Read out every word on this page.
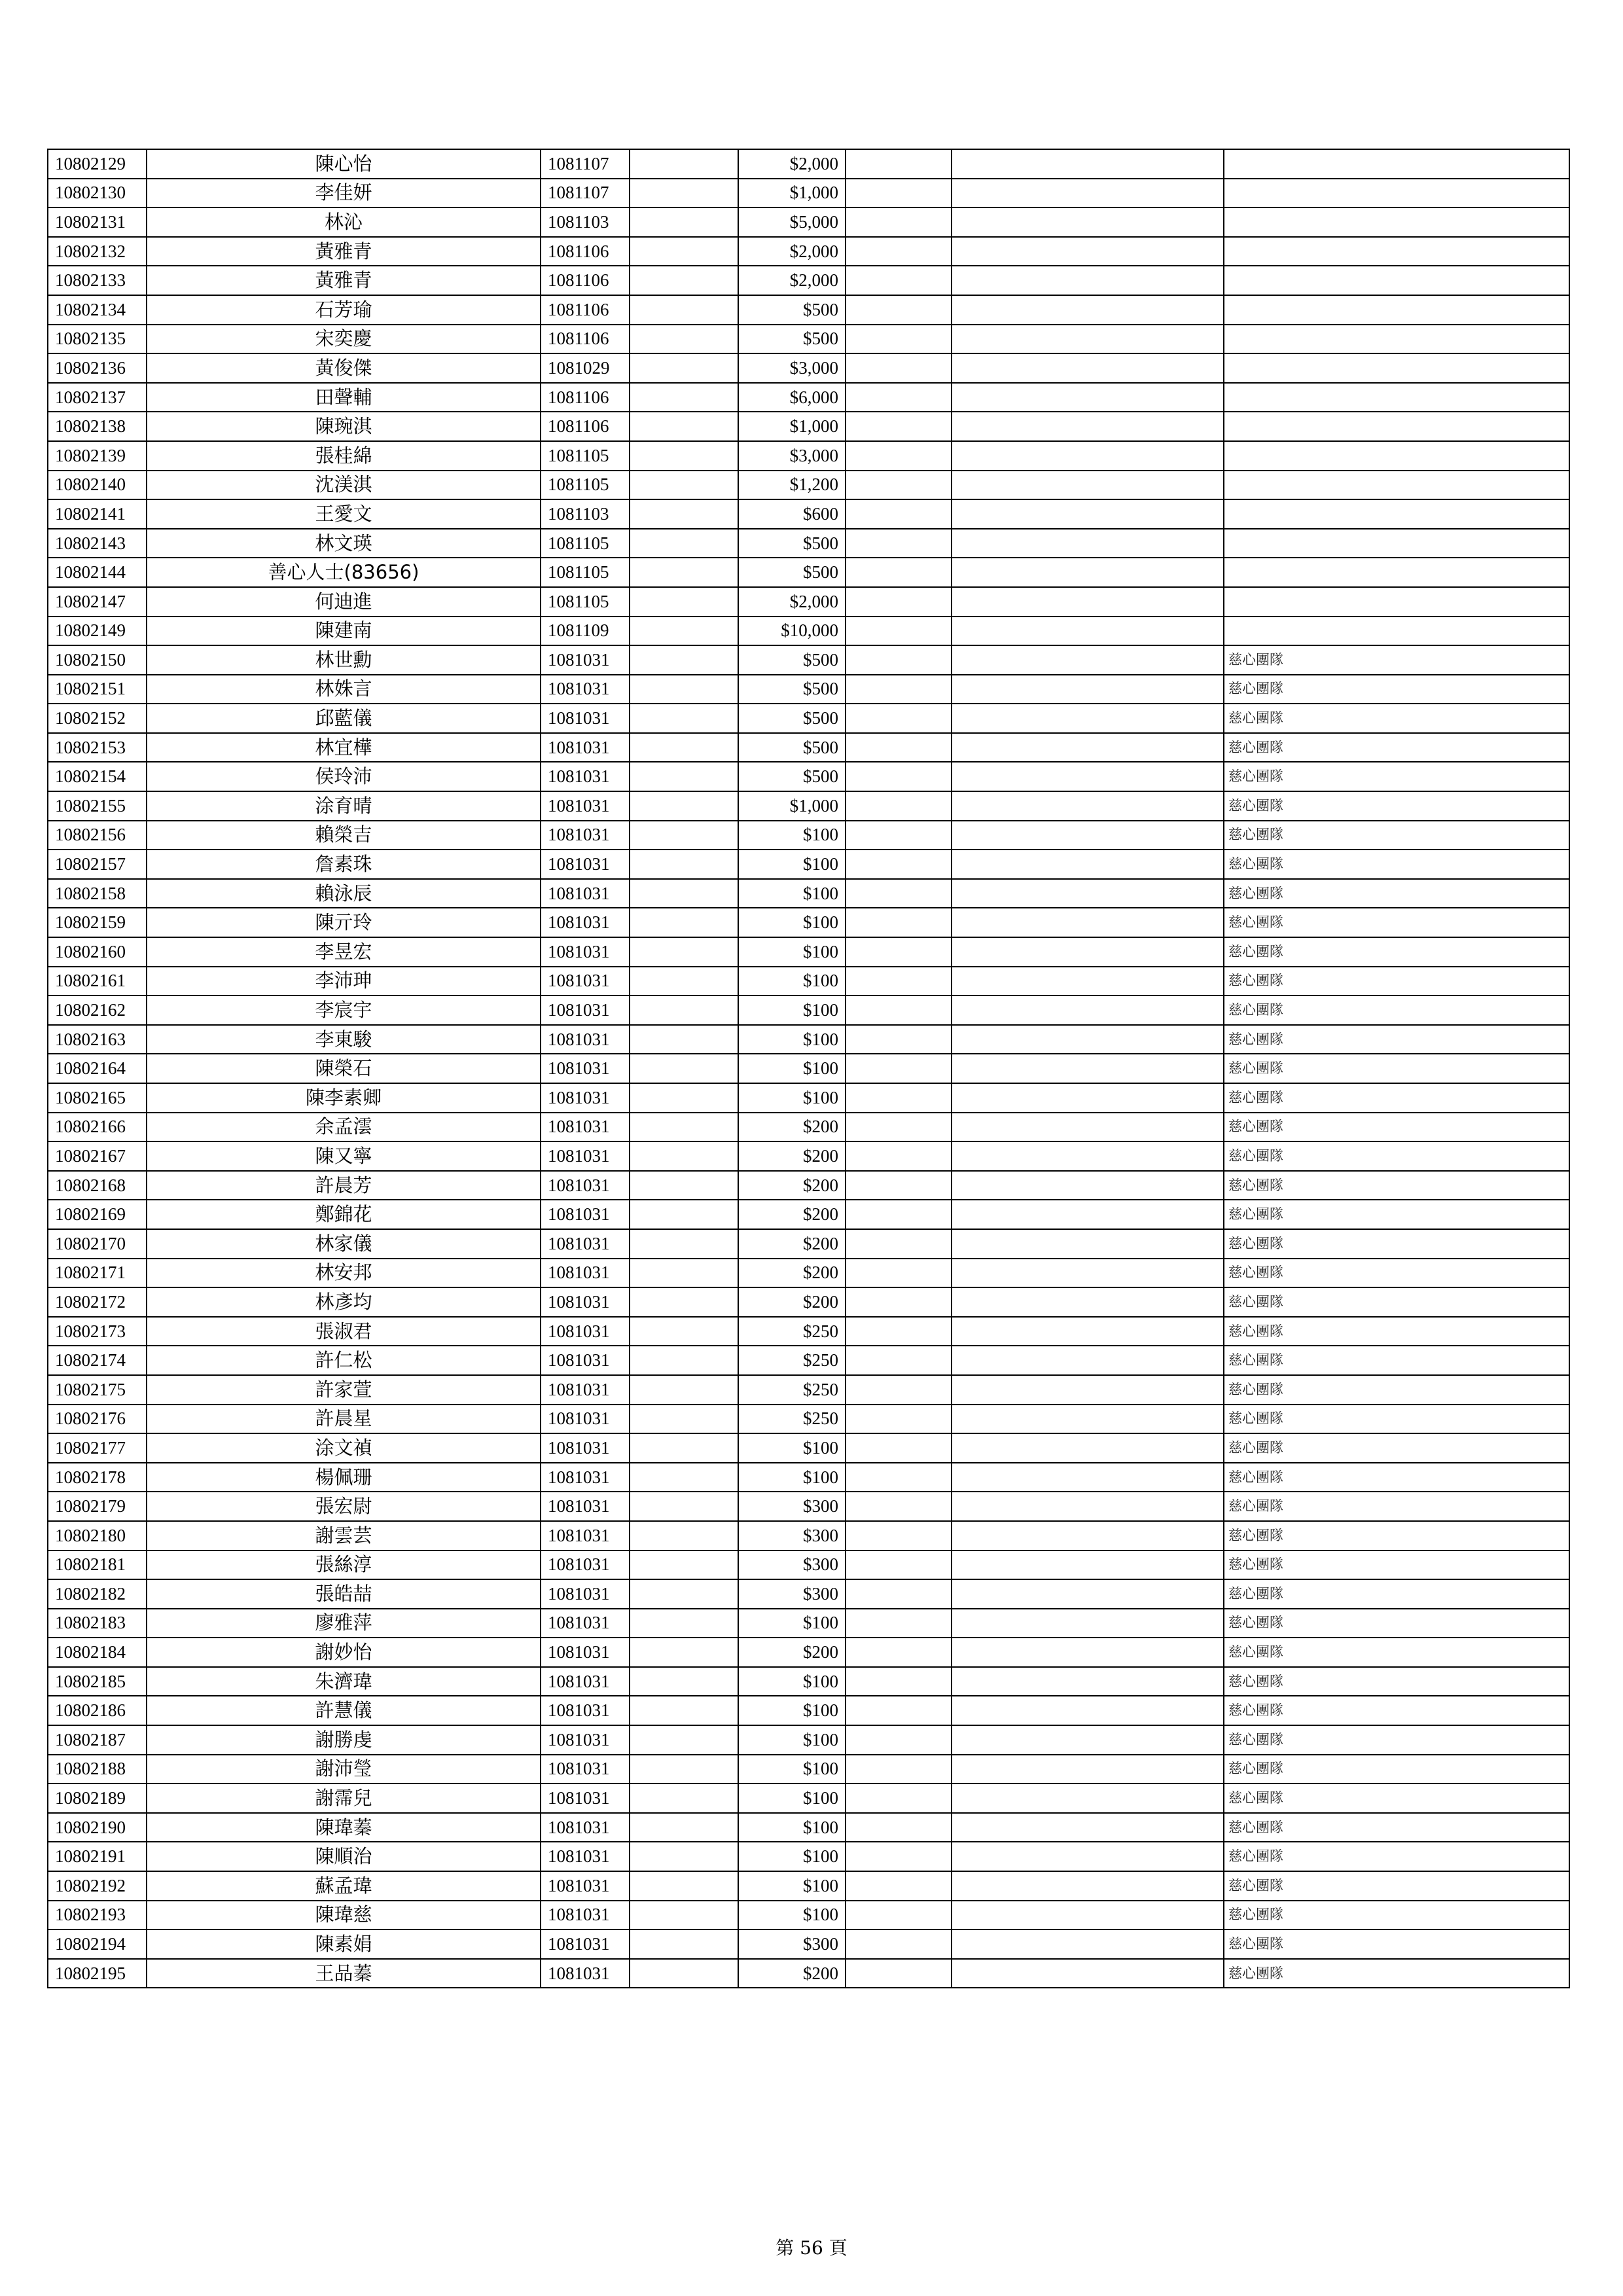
10802129	陳心怡	1081107		$2,000			
10802130	李佳妍	1081107		$1,000			
10802131	林沁	1081103		$5,000			
10802132	黃雅青	1081106		$2,000			
10802133	黃雅青	1081106		$2,000			
10802134	石芳瑜	1081106		$500			
10802135	宋奕慶	1081106		$500			
10802136	黃俊傑	1081029		$3,000			
10802137	田聲輔	1081106		$6,000			
10802138	陳琬淇	1081106		$1,000			
10802139	張桂綿	1081105		$3,000			
10802140	沈渼淇	1081105		$1,200			
10802141	王愛文	1081103		$600			
10802143	林文瑛	1081105		$500			
10802144	善心人士(83656)	1081105		$500			
10802147	何迪進	1081105		$2,000			
10802149	陳建南	1081109		$10,000			
10802150	林世勳	1081031		$500			慈心團隊
10802151	林姝言	1081031		$500			慈心團隊
10802152	邱藍儀	1081031		$500			慈心團隊
10802153	林宜樺	1081031		$500			慈心團隊
10802154	侯玲沛	1081031		$500			慈心團隊
10802155	涂育晴	1081031		$1,000			慈心團隊
10802156	賴榮吉	1081031		$100			慈心團隊
10802157	詹素珠	1081031		$100			慈心團隊
10802158	賴泳辰	1081031		$100			慈心團隊
10802159	陳亓玲	1081031		$100			慈心團隊
10802160	李昱宏	1081031		$100			慈心團隊
10802161	李沛珅	1081031		$100			慈心團隊
10802162	李宸宇	1081031		$100			慈心團隊
10802163	李東駿	1081031		$100			慈心團隊
10802164	陳榮石	1081031		$100			慈心團隊
10802165	陳李素卿	1081031		$100			慈心團隊
10802166	余孟澐	1081031		$200			慈心團隊
10802167	陳又寧	1081031		$200			慈心團隊
10802168	許晨芳	1081031		$200			慈心團隊
10802169	鄭錦花	1081031		$200			慈心團隊
10802170	林家儀	1081031		$200			慈心團隊
10802171	林安邦	1081031		$200			慈心團隊
10802172	林彥均	1081031		$200			慈心團隊
10802173	張淑君	1081031		$250			慈心團隊
10802174	許仁松	1081031		$250			慈心團隊
10802175	許家萱	1081031		$250			慈心團隊
10802176	許晨星	1081031		$250			慈心團隊
10802177	涂文禎	1081031		$100			慈心團隊
10802178	楊佩珊	1081031		$100			慈心團隊
10802179	張宏尉	1081031		$300			慈心團隊
10802180	謝雲芸	1081031		$300			慈心團隊
10802181	張絲淳	1081031		$300			慈心團隊
10802182	張皓喆	1081031		$300			慈心團隊
10802183	廖雅萍	1081031		$100			慈心團隊
10802184	謝妙怡	1081031		$200			慈心團隊
10802185	朱濟瑋	1081031		$100			慈心團隊
10802186	許慧儀	1081031		$100			慈心團隊
10802187	謝勝虔	1081031		$100			慈心團隊
10802188	謝沛瑩	1081031		$100			慈心團隊
10802189	謝霈兒	1081031		$100			慈心團隊
10802190	陳瑋蓁	1081031		$100			慈心團隊
10802191	陳順治	1081031		$100			慈心團隊
10802192	蘇孟瑋	1081031		$100			慈心團隊
10802193	陳瑋慈	1081031		$100			慈心團隊
10802194	陳素娟	1081031		$300			慈心團隊
10802195	王品蓁	1081031		$200			慈心團隊
第 56 頁
